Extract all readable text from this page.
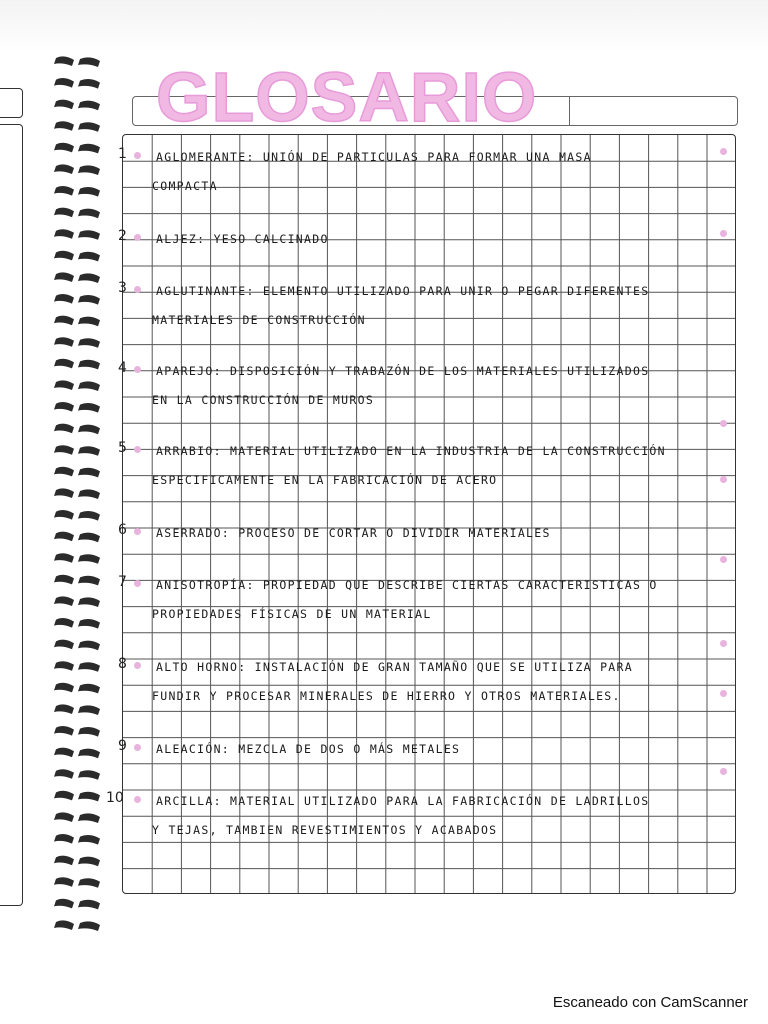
GLOSARIO
1	AGLOMERANTE: UNIÓN DE PARTICULAS PARA FORMAR UNA MASA
COMPACTA
2	ALJEZ: YESO CALCINADO
3	AGLUTINANTE: ELEMENTO UTILIZADO PARA UNIR O PEGAR DIFERENTES
MATERIALES DE CONSTRUCCIÓN
4	APAREJO: DISPOSICIÓN Y TRABAZÓN DE LOS MATERIALES UTILIZADOS
EN LA CONSTRUCCIÓN DE MUROS
5	ARRABIO: MATERIAL UTILIZADO EN LA INDUSTRIA DE LA CONSTRUCCIÓN
ESPECIFICAMENTE EN LA FABRICACIÓN DE ACERO
6	ASERRADO: PROCESO DE CORTAR O DIVIDIR MATERIALES
7	ANISOTROPÍA: PROPIEDAD QUE DESCRIBE CIERTAS CARACTERISTICAS O
PROPIEDADES FÍSICAS DE UN MATERIAL
8	ALTO HORNO: INSTALACIÓN DE GRAN TAMAÑO QUE SE UTILIZA PARA
FUNDIR Y PROCESAR MINERALES DE HIERRO Y OTROS MATERIALES.
9	ALEACIÓN: MEZCLA DE DOS O MÁS METALES
10	ARCILLA: MATERIAL UTILIZADO PARA LA FABRICACIÓN DE LADRILLOS
Y TEJAS, TAMBIEN REVESTIMIENTOS Y ACABADOS
Escaneado con CamScanner
